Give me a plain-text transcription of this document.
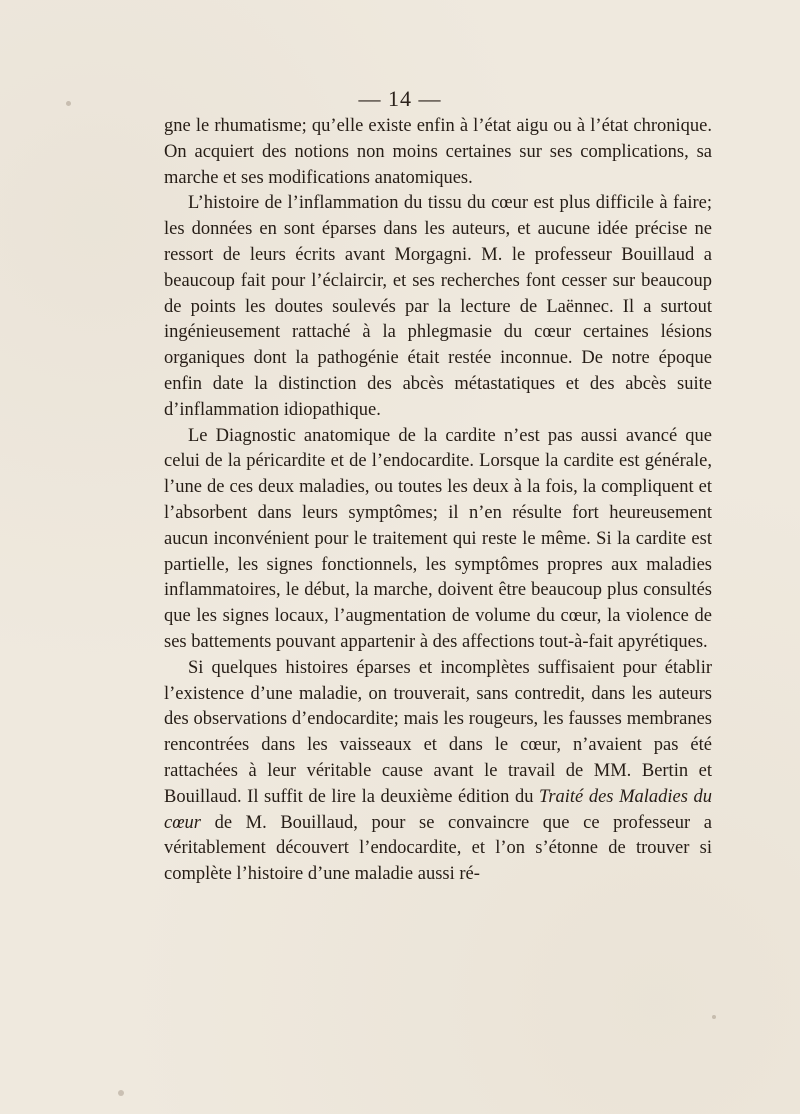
— 14 —

gne le rhumatisme; qu’elle existe enfin à l’état aigu ou à l’état chronique. On acquiert des notions non moins certaines sur ses complications, sa marche et ses modifications anatomiques.

L’histoire de l’inflammation du tissu du cœur est plus difficile à faire; les données en sont éparses dans les auteurs, et aucune idée précise ne ressort de leurs écrits avant Morgagni. M. le professeur Bouillaud a beaucoup fait pour l’éclaircir, et ses recherches font cesser sur beaucoup de points les doutes soulevés par la lecture de Laënnec. Il a surtout ingénieusement rattaché à la phlegmasie du cœur certaines lésions organiques dont la pathogénie était restée inconnue. De notre époque enfin date la distinction des abcès métastatiques et des abcès suite d’inflammation idiopathique.

Le Diagnostic anatomique de la cardite n’est pas aussi avancé que celui de la péricardite et de l’endocardite. Lorsque la cardite est générale, l’une de ces deux maladies, ou toutes les deux à la fois, la compliquent et l’absorbent dans leurs symptômes; il n’en résulte fort heureusement aucun inconvénient pour le traitement qui reste le même. Si la cardite est partielle, les signes fonctionnels, les symptômes propres aux maladies inflammatoires, le début, la marche, doivent être beaucoup plus consultés que les signes locaux, l’augmentation de volume du cœur, la violence de ses battements pouvant appartenir à des affections tout-à-fait apyrétiques.

Si quelques histoires éparses et incomplètes suffisaient pour établir l’existence d’une maladie, on trouverait, sans contredit, dans les auteurs des observations d’endocardite; mais les rougeurs, les fausses membranes rencontrées dans les vaisseaux et dans le cœur, n’avaient pas été rattachées à leur véritable cause avant le travail de MM. Bertin et Bouillaud. Il suffit de lire la deuxième édition du Traité des Maladies du cœur de M. Bouillaud, pour se convaincre que ce professeur a véritablement découvert l’endocardite, et l’on s’étonne de trouver si complète l’histoire d’une maladie aussi ré-
